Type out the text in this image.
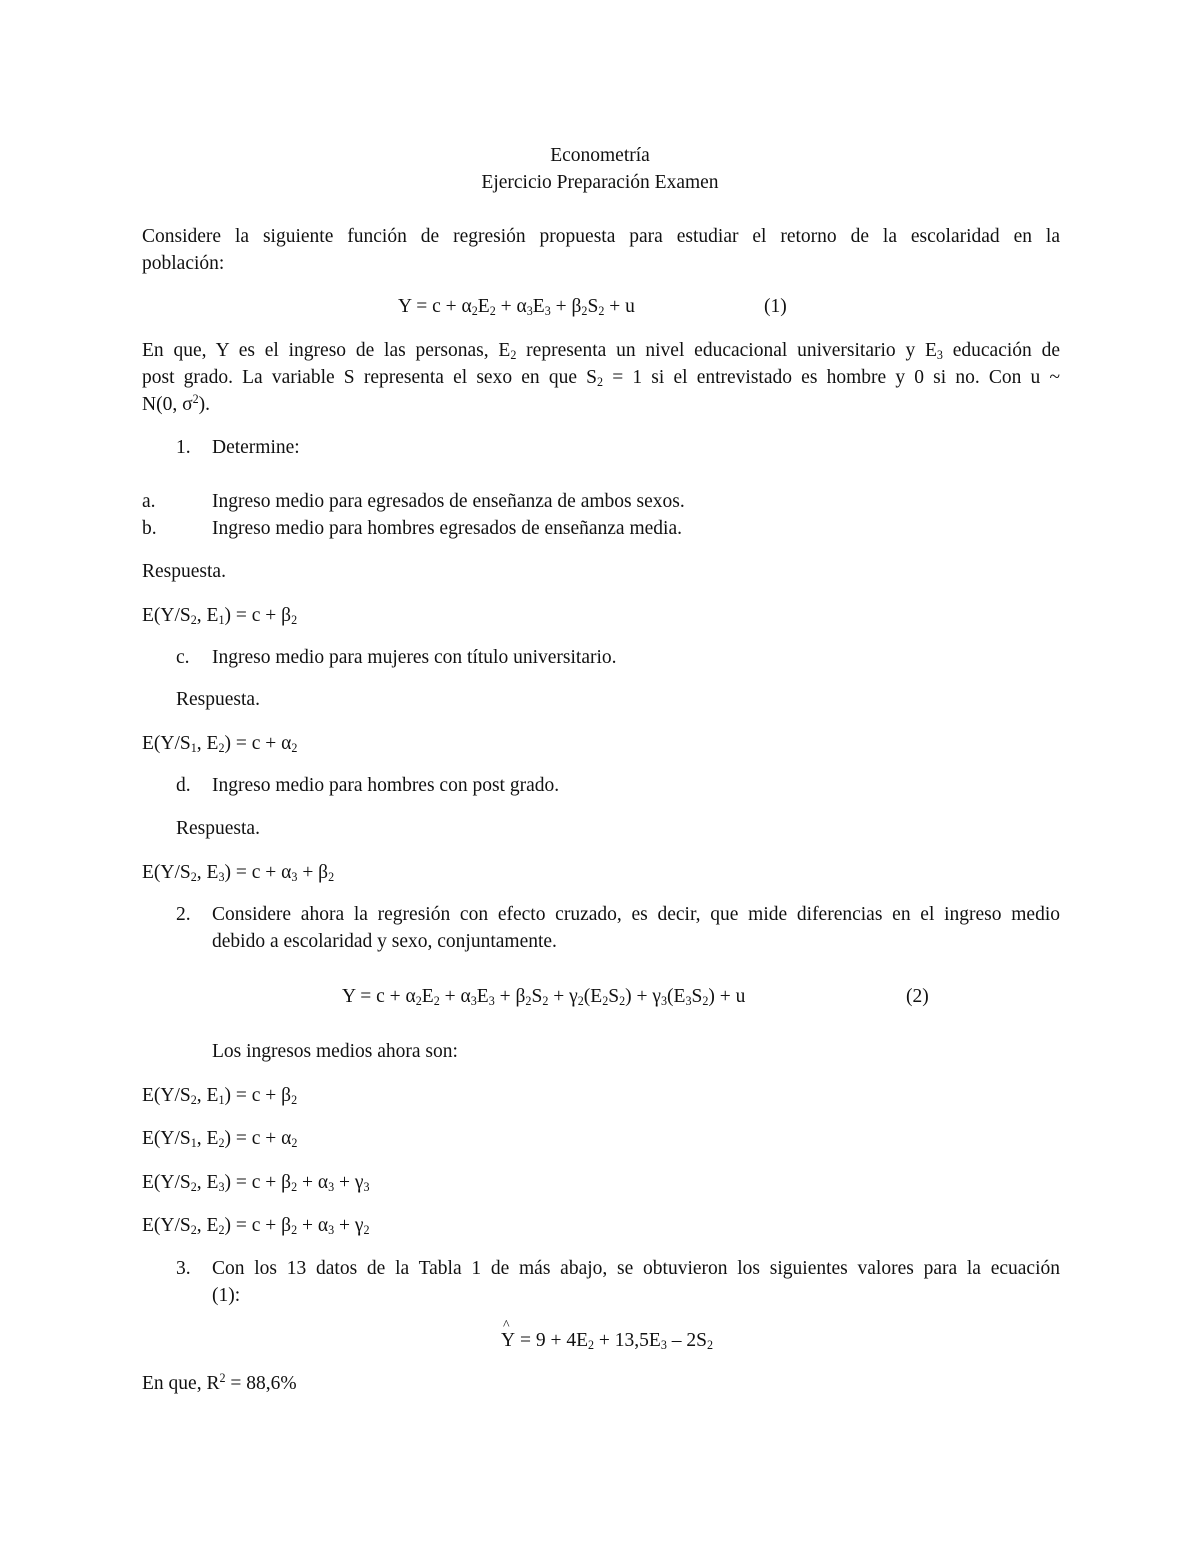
Econometría
Ejercicio Preparación Examen
Considere la siguiente función de regresión propuesta para estudiar el retorno de la escolaridad en la
población:
$Y = c + \alpha_2E_2 + \alpha_3E_3 + \beta_2S_2 + u$	(1)
En que, Y es el ingreso de las personas, $E_2$ representa un nivel educacional universitario y $E_3$ educación de
post grado. La variable S representa el sexo en que $S_2 = 1$ si el entrevistado es hombre y 0 si no. Con u ~
N(0, $\sigma^2$).
1. Determine:
a.	Ingreso medio para egresados de enseñanza de ambos sexos.
b.	Ingreso medio para hombres egresados de enseñanza media.
Respuesta.
$E(Y/S_2$, $E_1) = c + \beta_2$
c. Ingreso medio para mujeres con título universitario.
Respuesta.
$E(Y/S_1$, $E_2) = c + \alpha_2$
d. Ingreso medio para hombres con post grado.
Respuesta.
$E(Y/S_2$, $E_3) = c + \alpha_3 + \beta_2$
2. Considere ahora la regresión con efecto cruzado, es decir, que mide diferencias en el ingreso medio
debido a escolaridad y sexo, conjuntamente.
$Y = c + \alpha_2E_2 + \alpha_3E_3 + \beta_2S_2 + \gamma_2(E_2S_2) + \gamma_3(E_3S_2) + u$	(2)
Los ingresos medios ahora son:
$E(Y/S_2$, $E_1) = c + \beta_2$
$E(Y/S_1$, $E_2) = c + \alpha_2$
$E(Y/S_2$, $E_3) = c + \beta_2 + \alpha_3 + \gamma_3$
$E(Y/S_2$, $E_2) = c + \beta_2 + \alpha_3 + \gamma_2$
3. Con los 13 datos de la Tabla 1 de más abajo, se obtuvieron los siguientes valores para la ecuación
(1):
Y
^
= $9 + 4E_2 + 13,5E_3 - 2S_2$
En que, $R^2 = 88,6\%$
